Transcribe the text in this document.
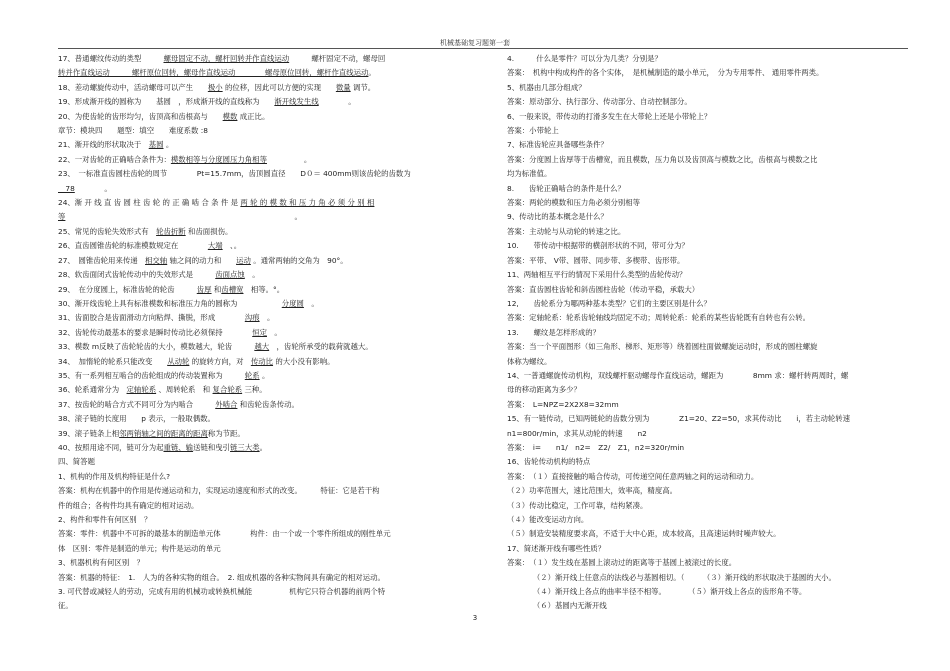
机械基础复习题第一套
17、普通螺纹传动的类型　　　螺母固定不动，螺杆回转并作直线运动　　　螺杆固定不动，螺母回
转并作直线运动　　　螺杆原位回转，螺母作直线运动　　　　螺母原位回转，螺杆作直线运动。
18、差动螺旋传动中，活动螺母可以产生　　极小 的位移，因此可以方便的实现　　微量 调节。
19、形成渐开线的圆称为　　基圆　，形成渐开线的直线称为　　渐开线发生线　　　　。
20、为使齿轮的齿形均匀，齿顶高和齿根高与　　模数 成正比。
章节：模块四　　题型：填空　　难度系数 :8
21、渐开线的形状取决于　基圆 。
22、一对齿轮的正确啮合条件为：模数相等与分度圆压力角相等　　　　　。
23、　一标准直齿圆柱齿轮的周节　　　　Pt=15.7mm，齿顶圆直径　　D０＝ 400mm则该齿轮的齿数为
　78　　　　。
24、渐 开 线 直 齿 圆 柱 齿 轮 的 正 确 啮 合 条 件 是 两 轮 的 模 数 和 压 力 角 必 须 分 别 相
等　　　　　　　　　　　　　　　　　　　　　　　　　　　　　　　。
25、常见的齿轮失效形式有　轮齿折断 和齿面损伤。
26、直齿圆锥齿轮的标准模数规定在　　　　大端　、。
27、　圆锥齿轮用来传递　相交轴 轴之间的动力和　　运动 。通常两轴的交角为　90°。
28、软齿面闭式齿轮传动中的失效形式是　　　齿面点蚀　。
29、　在分度圆上，标准齿轮的轮齿　　　齿厚 和齿槽宽　相等。°。
30、渐开线齿轮上具有标准模数和标准压力角的圆称为　　　　　　分度圆　。
31、齿面胶合是齿面滑动方向粘焊、撕脱，形成　　　　沟痕　。
32、齿轮传动最基本的要求是瞬时传动比必须保持　　　　恒定　。
33、模数 m反映了齿轮轮齿的大小，模数越大，轮齿　　　越大　，齿轮所承受的载荷就越大。
34、　加惰轮的轮系只能改变　　从动轮 的旋转方向，对　传动比 的大小没有影响。
35、有一系列相互啮合的齿轮组成的传动装置称为　　　轮系 。
36、轮系通常分为　定轴轮系 、周转轮系　和 复合轮系 三种。
37、按齿轮的啮合方式不同可分为内啮合　　　外啮合 和齿轮齿条传动。
38、滚子链的长度用　　p 表示，一般取偶数。
39、滚子链条上相邻两销轴之间的距离的距离称为节距。
40、按照用途不同，链可分为起重链、输送链和曳引链三大类。
四、简答题
1、机构的作用及机构特征是什么?
答案：机构在机器中的作用是传递运动和力，实现运动速度和形式的改变。　　　特征：它是若干构
件的组合；各构件均具有确定的相对运动。
2、构件和零件有何区别　？
答案：零件：机器中不可拆的最基本的制造单元体　　　　构件：由一个或一个零件所组成的刚性单元
体　区别：零件是制造的单元；构件是运动的单元
3、机器机构有何区别　？
答案：机器的特征：　1.　人为的各种实物的组合。　2. 组成机器的各种实物间具有确定的相对运动。
3. 可代替或减轻人的劳动，完成有用的机械功或转换机械能　　　　　机构它只符合机器的前两个特
征。
4.　　　什么是零件？可以分为几类？分别是？
答案：　机构中构成构件的各个实体，　是机械制造的最小单元，　分为专用零件、 通用零件两类。
5、机器由几部分组成？
答案：原动部分、执行部分、传动部分、自动控制部分。
6、一般来说，带传动的打滑多发生在大带轮上还是小带轮上？
答案：小带轮上
7、标准齿轮应具备哪些条件？
答案：分度圆上齿厚等于齿槽宽，而且模数，压力角以及齿顶高与模数之比，齿根高与模数之比
均为标准值。
8.　　齿轮正确啮合的条件是什么？
答案：两轮的模数和压力角必须分别相等
9、传动比的基本概念是什么？
答案：主动轮与从动轮的转速之比。
10.　　带传动中根据带的横剖形状的不同，带可分为？
答案：平带、 V带、圆带、同步带、多楔带、齿形带。
11、两轴相互平行的情况下采用什么类型的齿轮传动？
答案：直齿圆柱齿轮和斜齿圆柱齿轮（传动平稳，承载大）
12,　　齿轮系分为哪两种基本类型？它们的主要区别是什么？
答案：定轴轮系：轮系齿轮轴线均固定不动；周转轮系：轮系的某些齿轮既有自转也有公转。
13.　　螺纹是怎样形成的？
答案：当一个平面图形（如三角形、梯形、矩形等）绕着圆柱面做螺旋运动时，形成的圆柱螺旋
体称为螺纹。
14、一普通螺旋传动机构，双线螺杆驱动螺母作直线运动，螺距为　　　　8mm 求：螺杆转两周时，螺
母的移动距离为多少？
答案：　L=NPZ=2X2X8=32mm
15、有一链传动，已知两链轮的齿数分别为　　　　Z1=20、Z2=50，求其传动比　　i，若主动轮转速
n1=800r/min，求其从动轮的转速　　n2
答案：　i=　　n1/　n2=　Z2/　Z1，n2=320r/min
16、齿轮传动机构的特点
答案：　（１）直接接触的啮合传动，可传递空间任意两轴之间的运动和动力。
（２）功率范围大，速比范围大，效率高，精度高。
（３）传动比稳定，工作可靠，结构紧凑。
（４）能改变运动方向。
（５）制造安装精度要求高，不适于大中心距，成本较高，且高速运转时噪声较大。
17、简述渐开线有哪些性质？
答案：　（１）发生线在基圆上滚动过的距离等于基圆上被滚过的长度。
　　　　（２）渐开线上任意点的法线必与基圆相切。（　　　（３）渐开线的形状取决于基圆的大小。
　　　　（４）渐开线上各点的曲率半径不相等。　　　　（５）渐开线上各点的齿形角不等。
　　　　（６）基圆内无渐开线
3
